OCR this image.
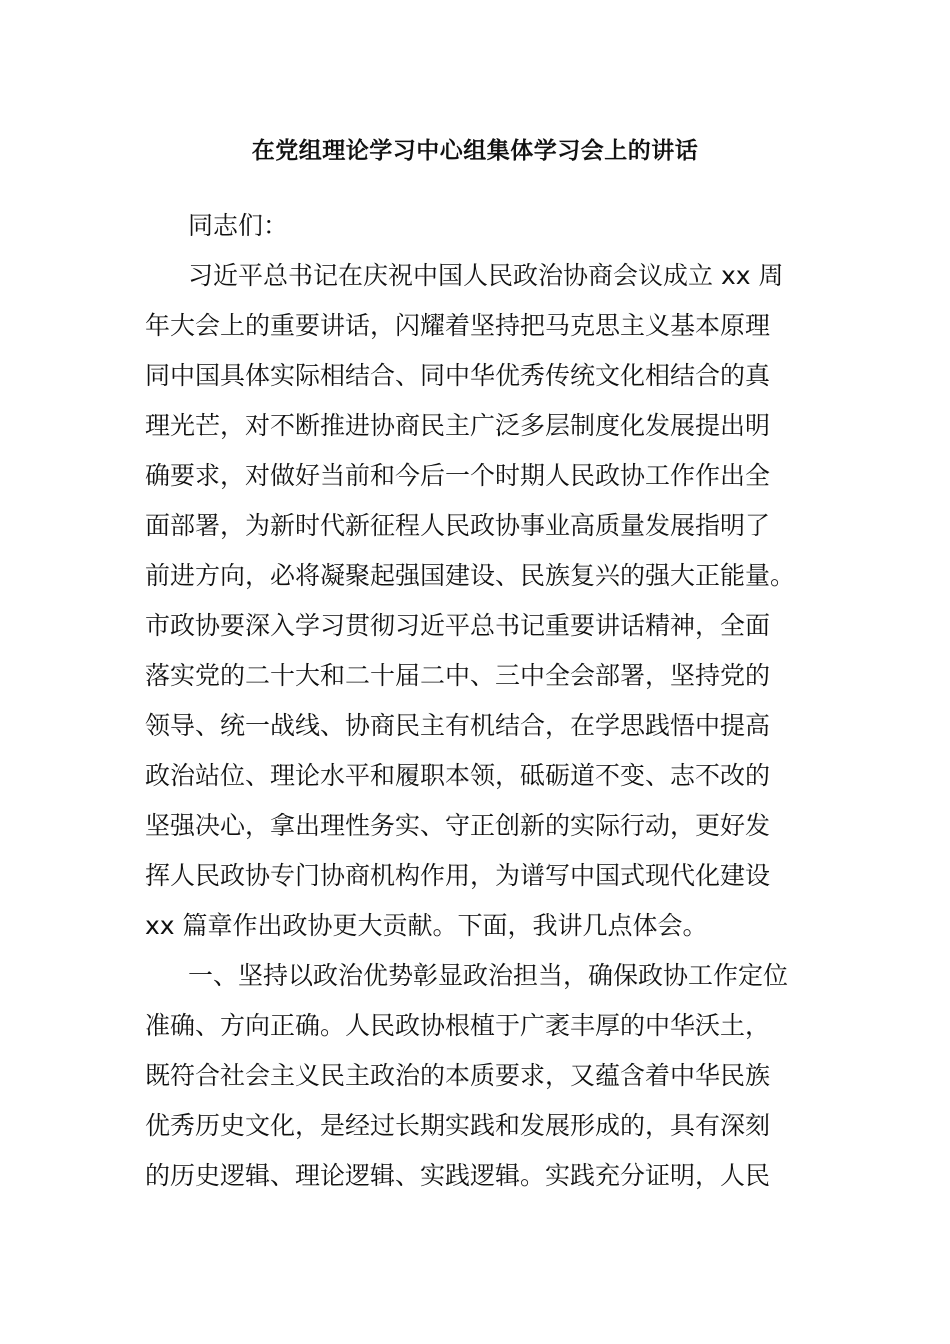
在党组理论学习中心组集体学习会上的讲话
同志们：
习近平总书记在庆祝中国人民政治协商会议成立 xx 周
年大会上的重要讲话，闪耀着坚持把马克思主义基本原理
同中国具体实际相结合、同中华优秀传统文化相结合的真
理光芒，对不断推进协商民主广泛多层制度化发展提出明
确要求，对做好当前和今后一个时期人民政协工作作出全
面部署，为新时代新征程人民政协事业高质量发展指明了
前进方向，必将凝聚起强国建设、民族复兴的强大正能量。
市政协要深入学习贯彻习近平总书记重要讲话精神，全面
落实党的二十大和二十届二中、三中全会部署，坚持党的
领导、统一战线、协商民主有机结合，在学思践悟中提高
政治站位、理论水平和履职本领，砥砺道不变、志不改的
坚强决心，拿出理性务实、守正创新的实际行动，更好发
挥人民政协专门协商机构作用，为谱写中国式现代化建设
xx 篇章作出政协更大贡献。下面，我讲几点体会。
一、坚持以政治优势彰显政治担当，确保政协工作定位
准确、方向正确。人民政协根植于广袤丰厚的中华沃土，
既符合社会主义民主政治的本质要求，又蕴含着中华民族
优秀历史文化，是经过长期实践和发展形成的，具有深刻
的历史逻辑、理论逻辑、实践逻辑。实践充分证明，人民
